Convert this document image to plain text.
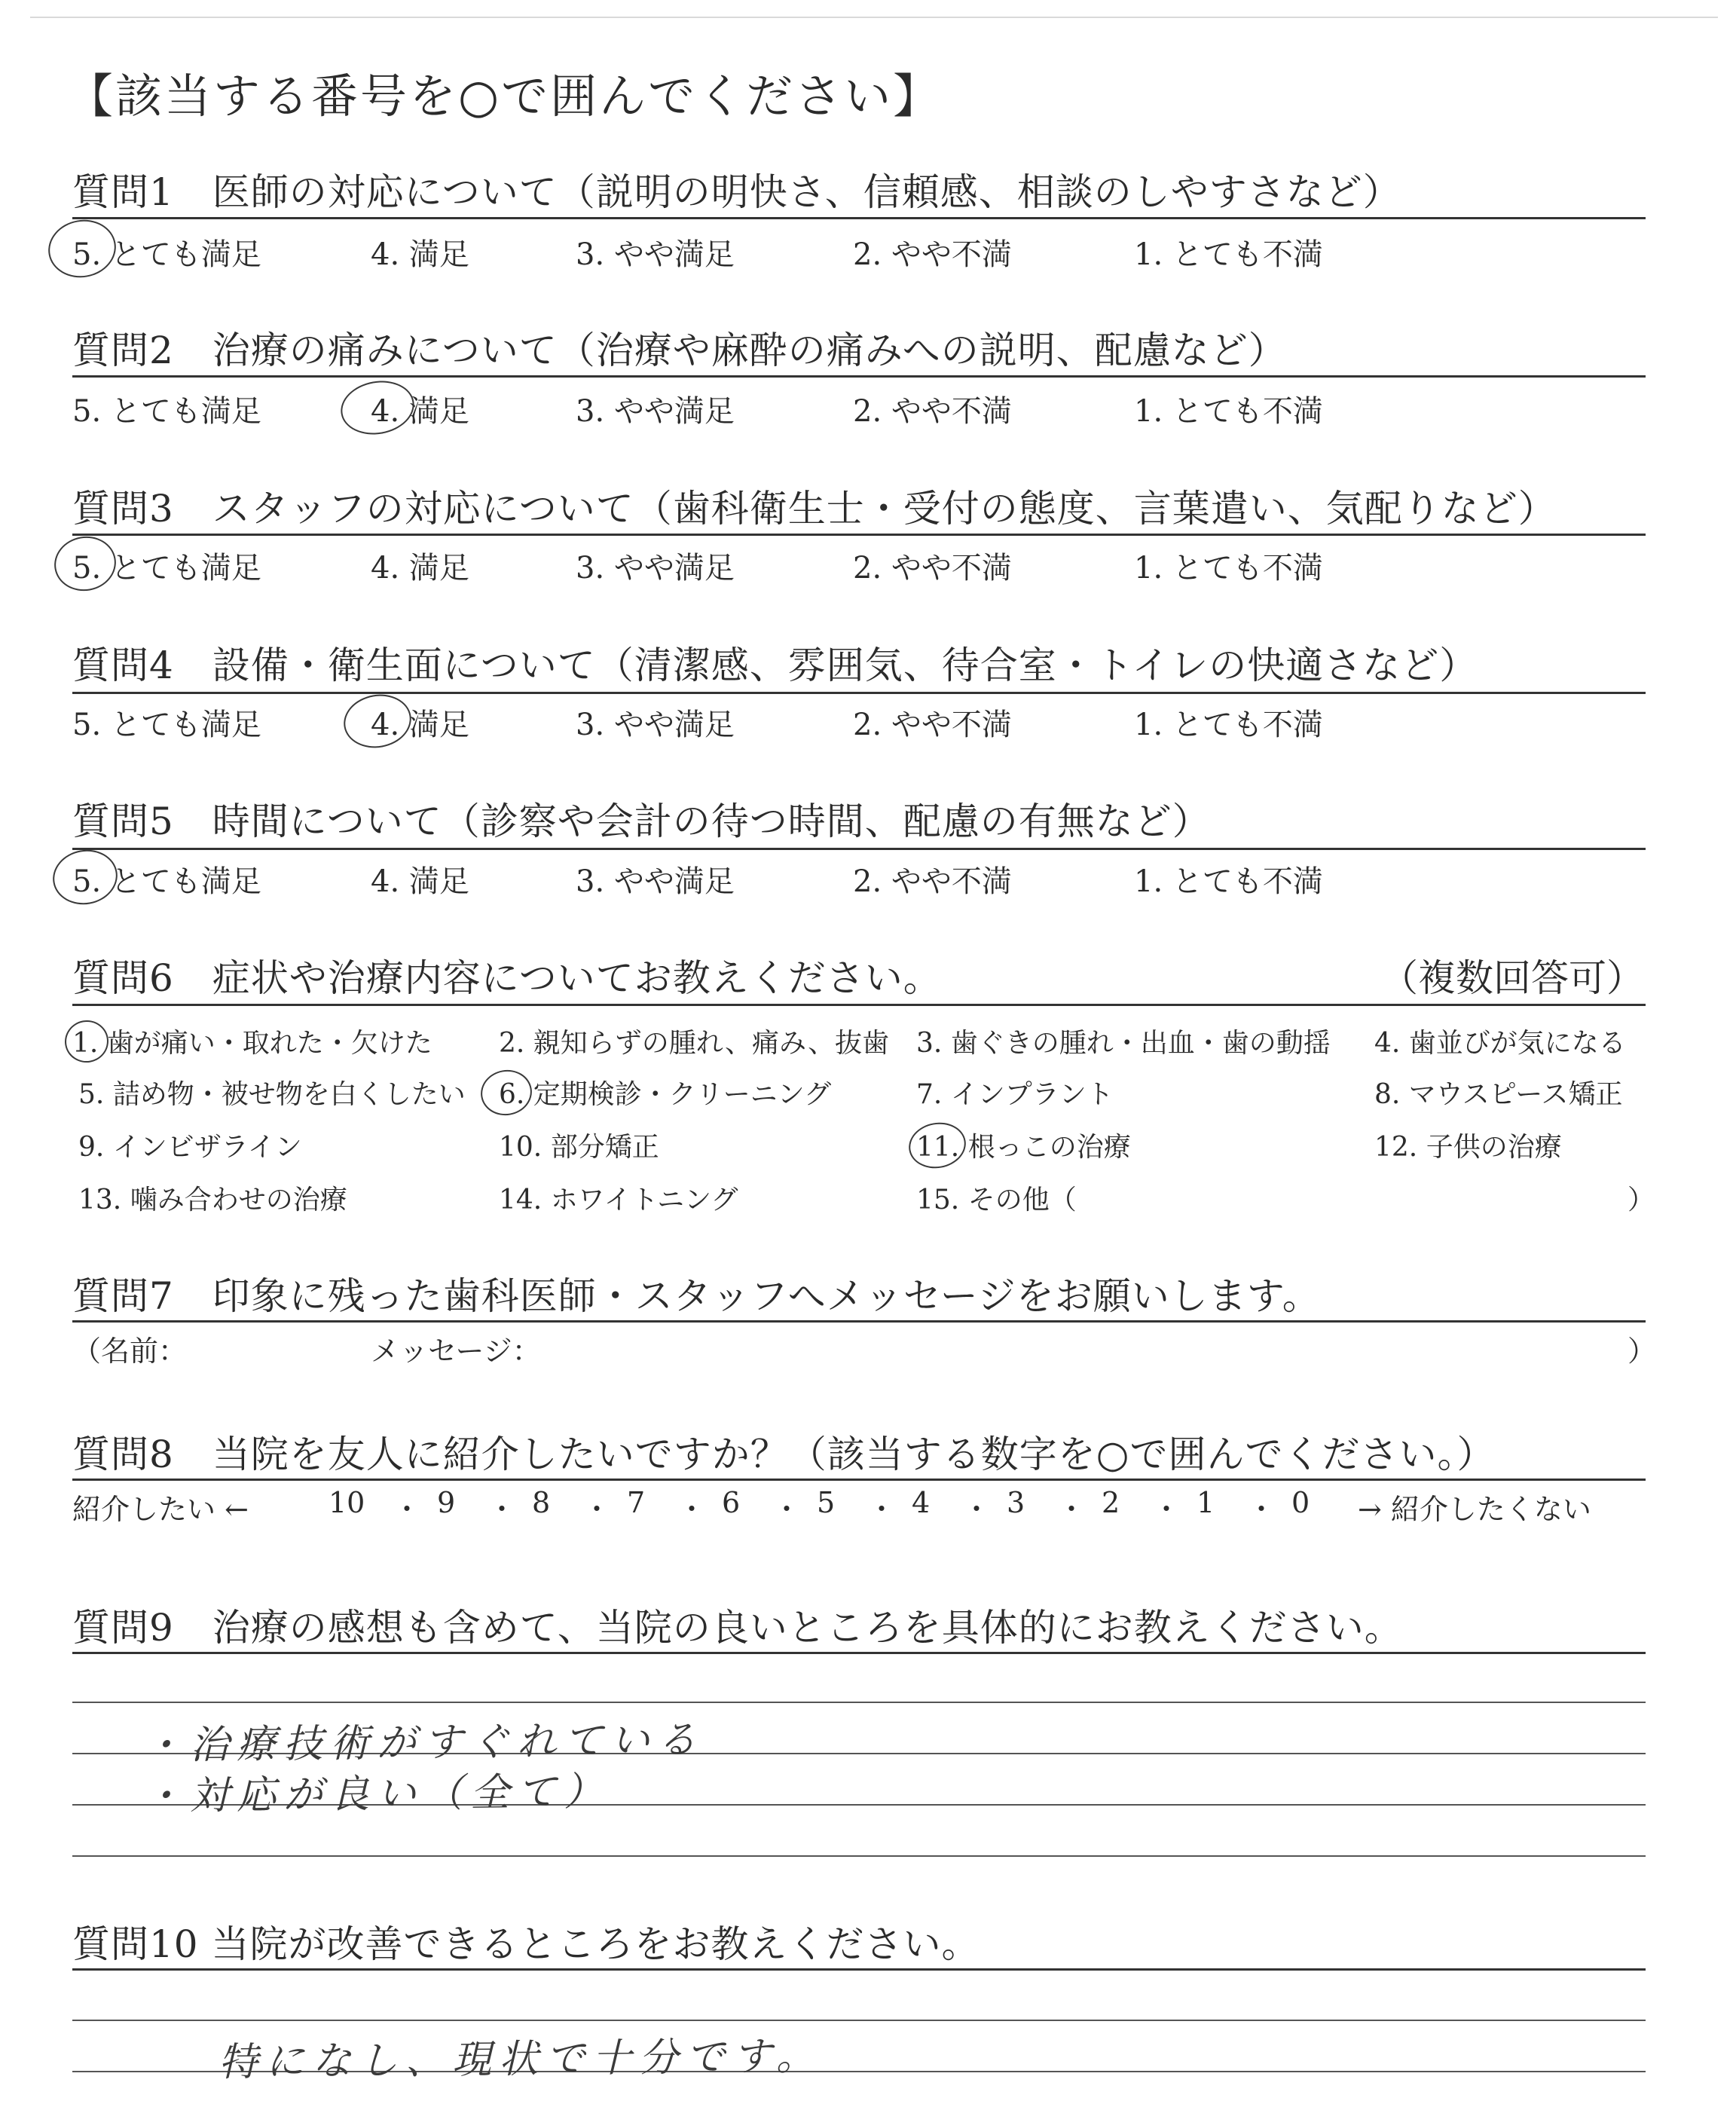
【該当する番号を○で囲んでください】
質問1　医師の対応について（説明の明快さ、信頼感、相談のしやすさなど）
5. とても満足	4. 満足	3. やや満足	2. やや不満	1. とても不満
質問2　治療の痛みについて（治療や麻酔の痛みへの説明、配慮など）
5. とても満足	4. 満足	3. やや満足	2. やや不満	1. とても不満
質問3　スタッフの対応について（歯科衛生士・受付の態度、言葉遣い、気配りなど）
5. とても満足	4. 満足	3. やや満足	2. やや不満	1. とても不満
質問4　設備・衛生面について（清潔感、雰囲気、待合室・トイレの快適さなど）
5. とても満足	4. 満足	3. やや満足	2. やや不満	1. とても不満
質問5　時間について（診察や会計の待つ時間、配慮の有無など）
5. とても満足	4. 満足	3. やや満足	2. やや不満	1. とても不満
質問6　症状や治療内容についてお教えください。	（複数回答可）
1. 歯が痛い・取れた・欠けた 2. 親知らずの腫れ、痛み、抜歯 3. 歯ぐきの腫れ・出血・歯の動揺 4. 歯並びが気になる
5. 詰め物・被せ物を白くしたい 6. 定期検診・クリーニング	7. インプラント	8. マウスピース矯正
9. インビザライン	10. 部分矯正	11. 根っこの治療	12. 子供の治療
13. 噛み合わせの治療	14. ホワイトニング	15. その他（	）
質問7　印象に残った歯科医師・スタッフへメッセージをお願いします。
（名前：	メッセージ：	）
質問8　当院を友人に紹介したいですか？（該当する数字を○で囲んでください。）
紹介したい ←	10 ・ 9 ・ 8 ・ 7 ・ 6 ・ 5 ・ 4 ・ 3 ・ 2 ・ 1 ・ 0 → 紹介したくない
質問9　治療の感想も含めて、当院の良いところを具体的にお教えください。
・治療技術がすぐれている
・対応が良い（全て）
質問10 当院が改善できるところをお教えください。
特になし、現状で十分です。
